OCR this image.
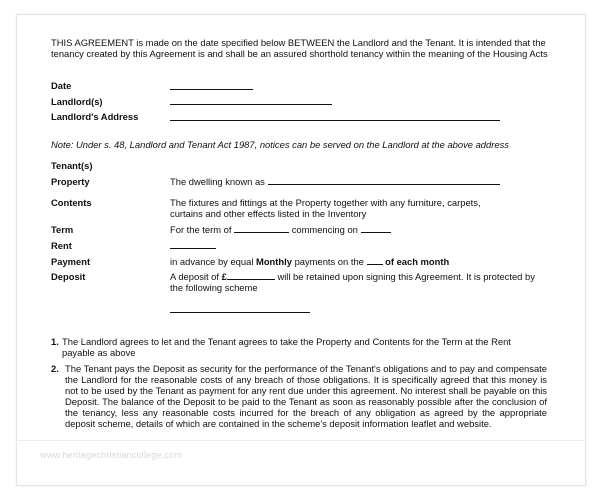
THIS AGREEMENT is made on the date specified below BETWEEN the Landlord and the Tenant. It is intended that the tenancy created by this Agreement is and shall be an assured shorthold tenancy within the meaning of the Housing Acts
Date
Landlord(s)
Landlord's Address
Note: Under s. 48, Landlord and Tenant Act 1987, notices can be served on the Landlord at the above address
Tenant(s)
Property	The dwelling known as
Contents	The fixtures and fittings at the Property together with any furniture, carpets, curtains and other effects listed in the Inventory
Term	For the term of	commencing on
Rent
Payment	in advance by equal Monthly payments on the of each month
Deposit	A deposit of £	will be retained upon signing this Agreement. It is protected by the following scheme
1. The Landlord agrees to let and the Tenant agrees to take the Property and Contents for the Term at the Rent payable as above
2. The Tenant pays the Deposit as security for the performance of the Tenant's obligations and to pay and compensate the Landlord for the reasonable costs of any breach of those obligations. It is specifically agreed that this money is not to be used by the Tenant as payment for any rent due under this agreement. No interest shall be payable on this Deposit. The balance of the Deposit to be paid to the Tenant as soon as reasonably possible after the conclusion of the tenancy, less any reasonable costs incurred for the breach of any obligation as agreed by the appropriate deposit scheme, details of which are contained in the scheme's deposit information leaflet and website.
www.heritagechristiancollege.com
